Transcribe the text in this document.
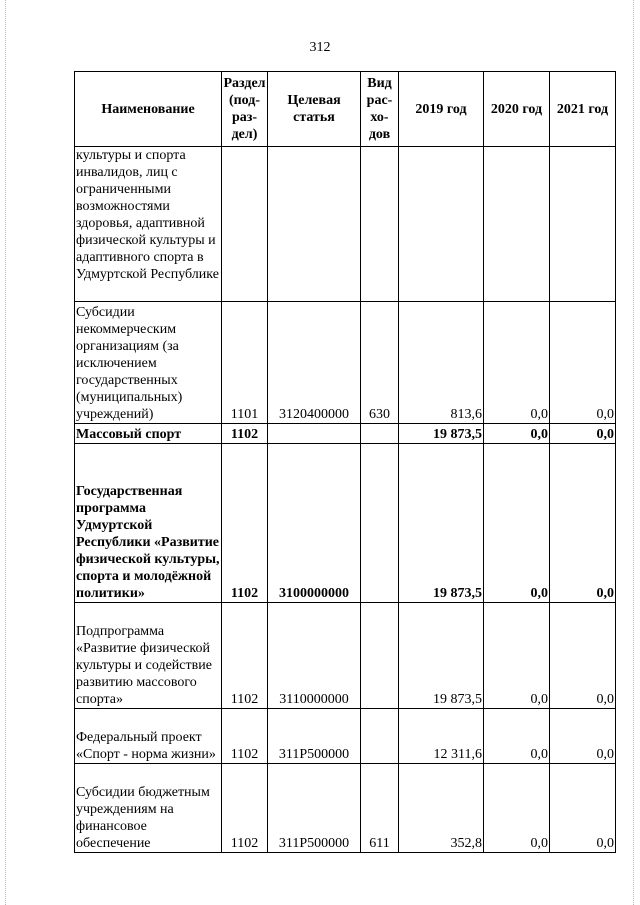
312
Наименование	Раздел (под-раз-дел)	Целевая статья	Вид рас-хо-дов	2019 год	2020 год	2021 год
культуры и спорта инвалидов, лиц с ограниченными возможностями здоровья, адаптивной физической культуры и адаптивного спорта в Удмуртской Республике						
Субсидии некоммерческим организациям (за исключением государственных (муниципальных) учреждений)	1101	3120400000	630	813,6	0,0	0,0
Массовый спорт	1102			19 873,5	0,0	0,0
Государственная программа Удмуртской Республики «Развитие физической культуры, спорта и молодёжной политики»	1102	3100000000		19 873,5	0,0	0,0
Подпрограмма «Развитие физической культуры и содействие развитию массового спорта»	1102	3110000000		19 873,5	0,0	0,0
Федеральный проект «Спорт - норма жизни»	1102	311P500000		12 311,6	0,0	0,0
Субсидии бюджетным учреждениям на финансовое обеспечение	1102	311P500000	611	352,8	0,0	0,0
